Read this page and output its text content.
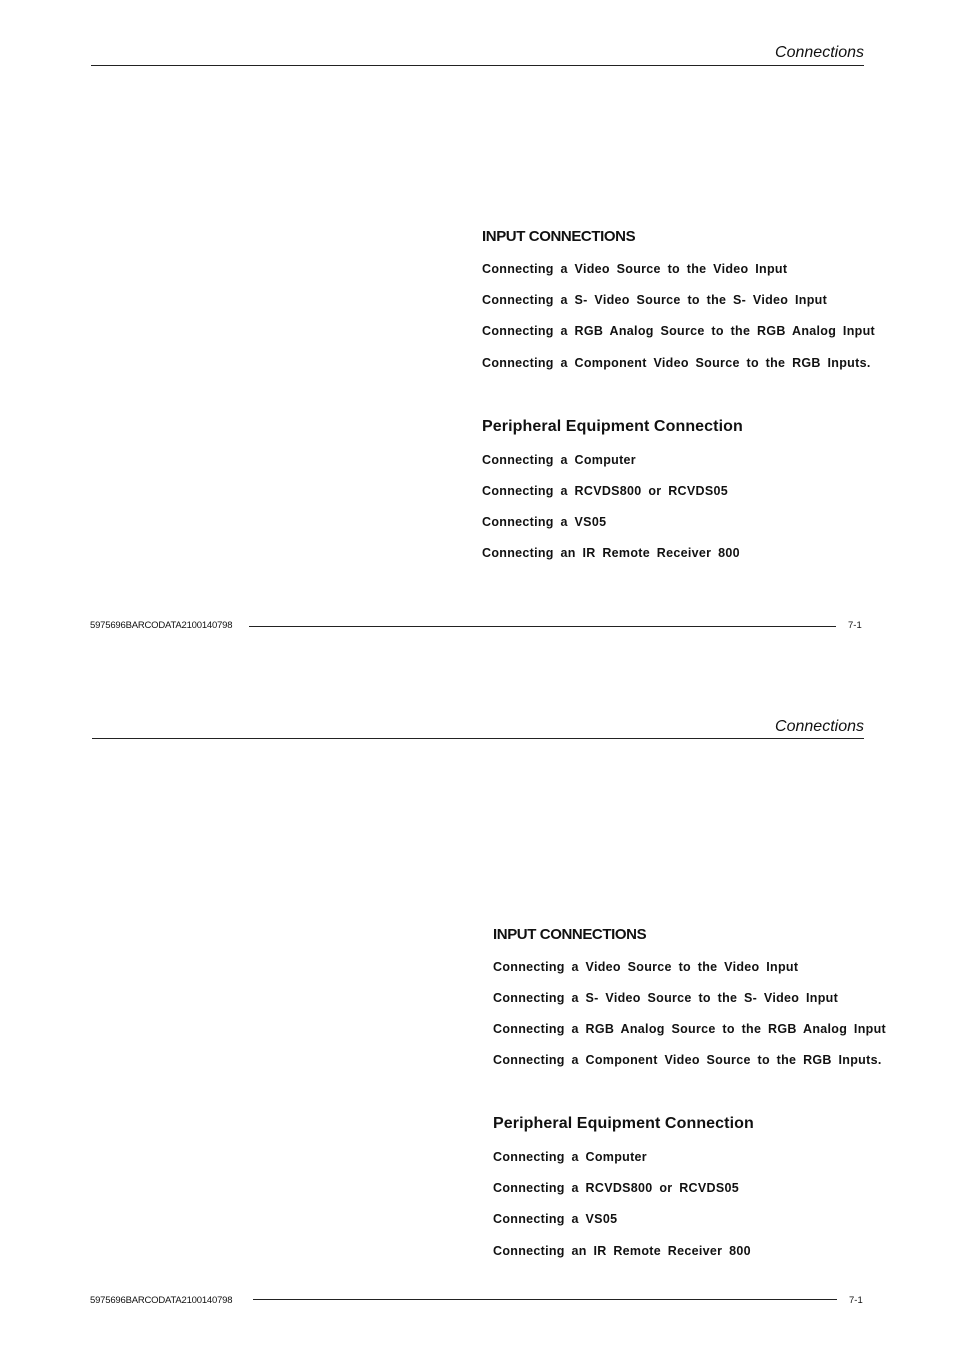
Connections
INPUT CONNECTIONS
Connecting a Video Source to the Video Input
Connecting a S- Video Source to the S- Video Input
Connecting a RGB Analog Source to the RGB Analog Input
Connecting a Component Video Source to the RGB Inputs.
Peripheral Equipment Connection
Connecting a Computer
Connecting a RCVDS800 or RCVDS05
Connecting a VS05
Connecting an IR Remote Receiver 800
5975696BARCODATA2100140798	7-1
Connections
INPUT CONNECTIONS
Connecting a Video Source to the Video Input
Connecting a S- Video Source to the S- Video Input
Connecting a RGB Analog Source to the RGB Analog Input
Connecting a Component Video Source to the RGB Inputs.
Peripheral Equipment Connection
Connecting a Computer
Connecting a RCVDS800 or RCVDS05
Connecting a VS05
Connecting an IR Remote Receiver 800
5975696BARCODATA2100140798	7-1
